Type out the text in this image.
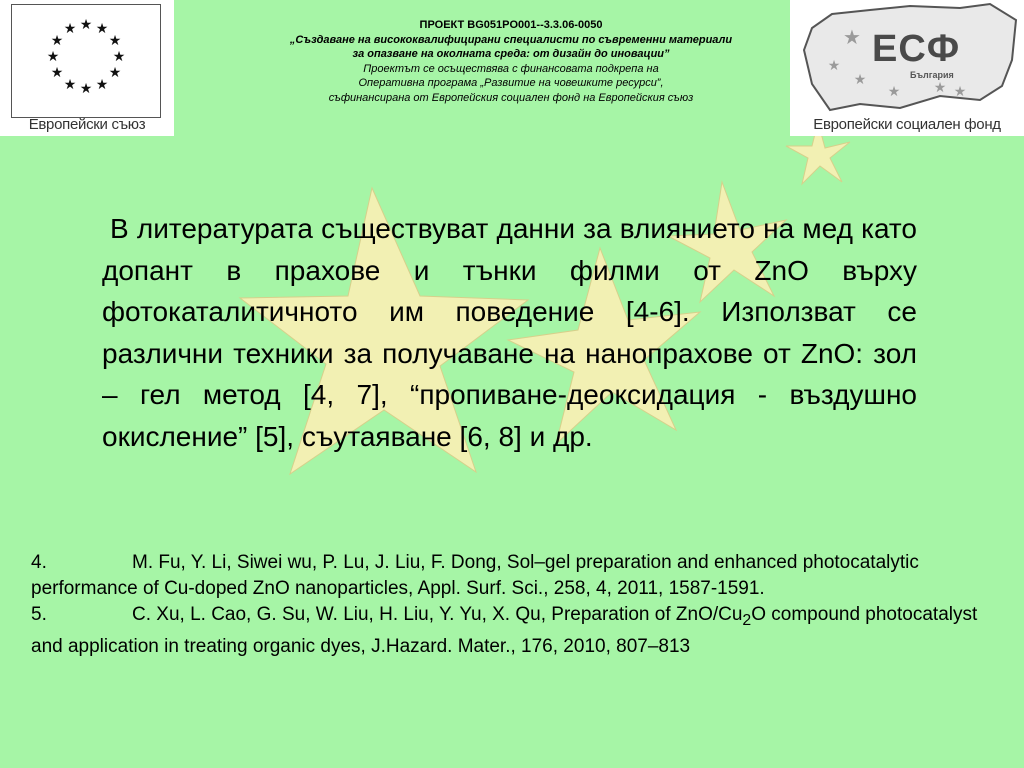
★ ★
★
★
★
★
★
★
★
★
★
★
Европейски съюз
★
★
★
★ ★ ★
Европейски социален фонд
ЕСФ
България
ПРОЕКТ BG051PO001--3.3.06-0050
„Създаване на висококвалифицирани специалисти по съвременни материали
за опазване на околната среда: от дизайн до иновации”
Проектът се осъществява с финансовата подкрепа на
Оперативна програма „Развитие на човешките ресурси”,
съфинансирана от Европейския социален фонд на Европейския съюз
В литературата съществуват данни за влиянието на мед като допант в прахове и тънки филми от ZnO върху фотокаталитичното им поведение [4-6]. Използват се различни техники за получаване на нанопрахове от ZnO: зол – гел метод [4, 7], “пропиване-деоксидация - въздушно окисление” [5], съутаяване [6, 8] и др.
4.	M. Fu, Y. Li, Siwei wu, P. Lu, J. Liu, F. Dong, Sol–gel preparation and enhanced photocatalytic performance of Cu-doped ZnO nanoparticles, Appl. Surf. Sci., 258, 4, 2011, 1587-1591.
5.	C. Xu, L. Cao, G. Su, W. Liu, H. Liu, Y. Yu, X. Qu, Preparation of ZnO/$Cu_2O$ compound photocatalyst and application in treating organic dyes, J.Hazard. Mater., 176, 2010, 807–813
